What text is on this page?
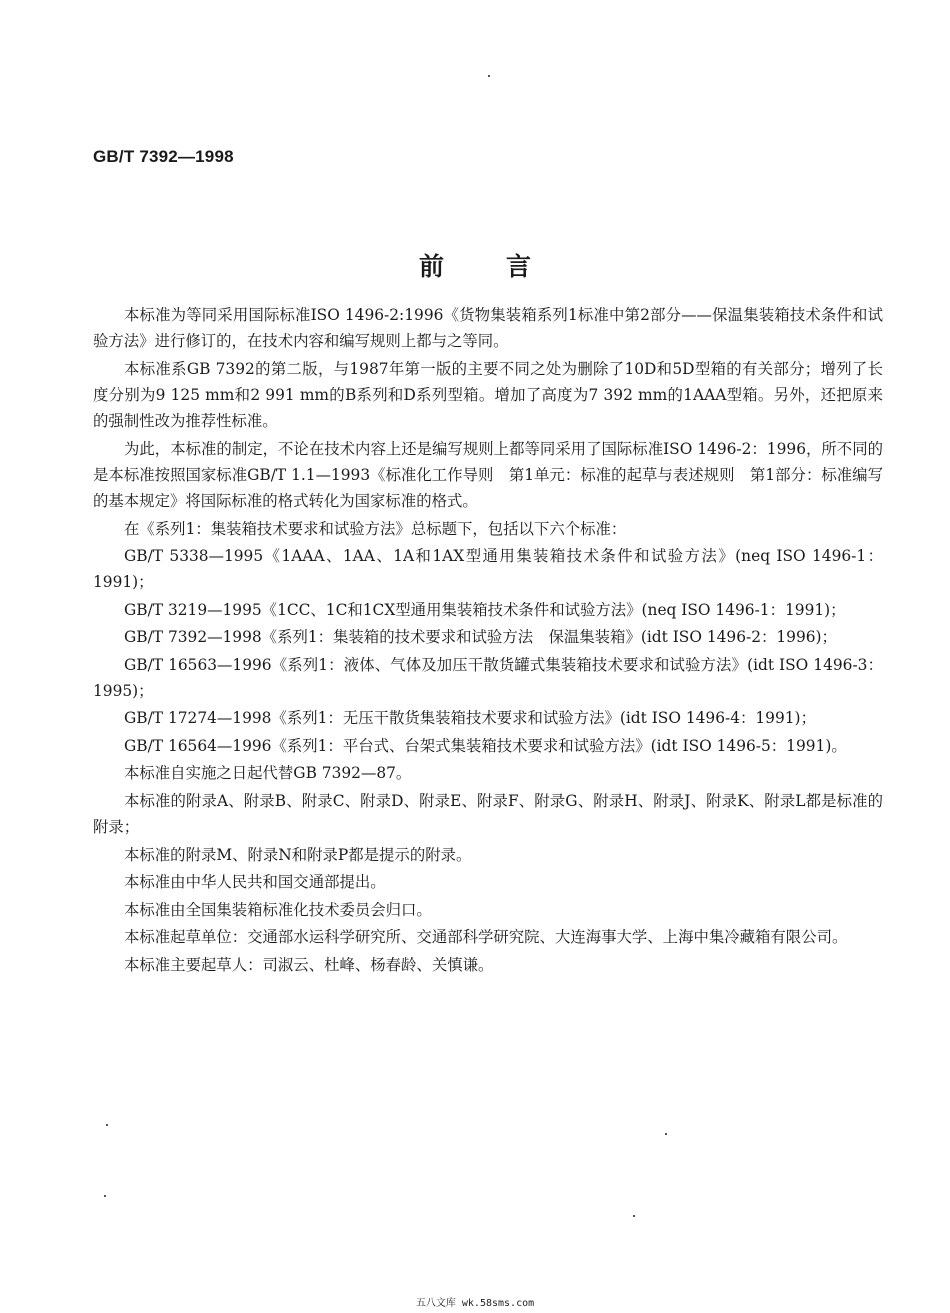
GB/T 7392—1998
前言

本标准为等同采用国际标准ISO 1496-2:1996《货物集装箱系列1标准中第2部分——保温集装箱技术条件和试验方法》进行修订的，在技术内容和编写规则上都与之等同。

本标准系GB 7392的第二版，与1987年第一版的主要不同之处为删除了10D和5D型箱的有关部分；增列了长度分别为9 125 mm和2 991 mm的B系列和D系列型箱。增加了高度为7 392 mm的1AAA型箱。另外，还把原来的强制性改为推荐性标准。

为此，本标准的制定，不论在技术内容上还是编写规则上都等同采用了国际标准ISO 1496-2：1996，所不同的是本标准按照国家标准GB/T 1.1—1993《标准化工作导则　第1单元：标准的起草与表述规则　第1部分：标准编写的基本规定》将国际标准的格式转化为国家标准的格式。

在《系列1：集装箱技术要求和试验方法》总标题下，包括以下六个标准：

GB/T 5338—1995《1AAA、1AA、1A和1AX型通用集装箱技术条件和试验方法》(neq ISO 1496-1：1991)；

GB/T 3219—1995《1CC、1C和1CX型通用集装箱技术条件和试验方法》(neq ISO 1496-1：1991)；

GB/T 7392—1998《系列1：集装箱的技术要求和试验方法　保温集装箱》(idt ISO 1496-2：1996)；

GB/T 16563—1996《系列1：液体、气体及加压干散货罐式集装箱技术要求和试验方法》(idt ISO 1496-3：1995)；

GB/T 17274—1998《系列1：无压干散货集装箱技术要求和试验方法》(idt ISO 1496-4：1991)；

GB/T 16564—1996《系列1：平台式、台架式集装箱技术要求和试验方法》(idt ISO 1496-5：1991)。

本标准自实施之日起代替GB 7392—87。

本标准的附录A、附录B、附录C、附录D、附录E、附录F、附录G、附录H、附录J、附录K、附录L都是标准的附录；

本标准的附录M、附录N和附录P都是提示的附录。

本标准由中华人民共和国交通部提出。

本标准由全国集装箱标准化技术委员会归口。

本标准起草单位：交通部水运科学研究所、交通部科学研究院、大连海事大学、上海中集冷藏箱有限公司。

本标准主要起草人：司淑云、杜峰、杨春龄、关慎谦。

五八文库 wk.58sms.com
